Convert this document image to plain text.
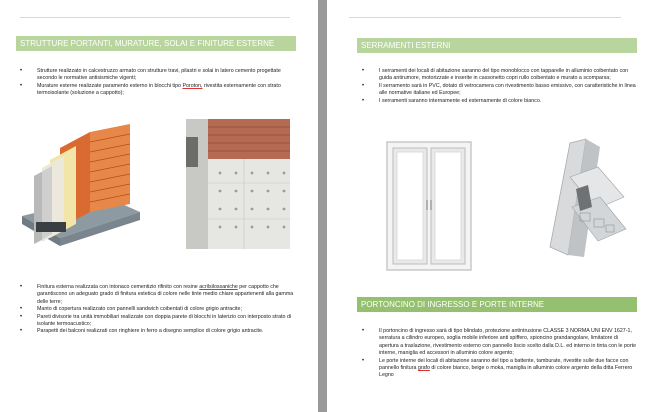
STRUTTURE PORTANTI, MURATURE, SOLAI E FINITURE ESTERNE
• Strutture realizzato in calcestruzzo armato con strutture travi, pilastri e solai in latero cemento progettate secondo le normative antisismiche vigenti;
• Murature esterne realizzate paramento esterno in blocchi tipo Poroton, rivestita esternamente con strato termoisolante (soluzione a cappotto);
• Finitura esterna realizzata con intonaco cementizio rifinito con resine acrilsilossaniche per cappotto che garantiscono un adeguato grado di finitura estetica di colore nelle tinte medio chiare appartenenti alla gamma delle terre;
• Manto di copertura realizzato con pannelli sandwich coibentati di colore grigio antracite;
• Pareti divisorie tra unità immobiliari realizzate con doppia parete di blocchi in laterizio con interposto strato di isolante termoacustico;
• Parapetti dei balconi realizzati con ringhiere in ferro a disegno semplice di colore grigio antracite.
SERRAMENTI ESTERNI
• I serramenti dei locali di abitazione saranno del tipo monoblocco con tapparelle in alluminio coibentato con guida antirumore, motorizzate e inserite in cassonetto copri rullo coibentato e murato a scomparsa;
• Il serramento sarà in PVC, dotato di vetrocamera con rivestimento basso emissivo, con caratteristiche in linea alle normative italiane ed Europee;
• I serramenti saranno internamente ed esternamente di colore bianco.
PORTONCINO DI INGRESSO E PORTE INTERNE
• Il portoncino di ingresso sarà di tipo blindato, protezione antintrusione CLASSE 3 NORMA UNI ENV 1627-1, serratura a cilindro europeo, soglia mobile inferiore anti spiffero, spioncino grandangolare, limitatore di apertura a traslazione, rivestimento esterno con pannello liscio scelto dalla D.L. ed interno in tinta con le porte interne, maniglia ed accessori in alluminio colore argento;
• Le porte interne dei locali di abitazione saranno del tipo a battente, tamburate, rivestite sulle due facce con pannello finitura grafo di colore bianco, beige o moka, maniglia in alluminio colore argento della ditta Ferrero Legno
